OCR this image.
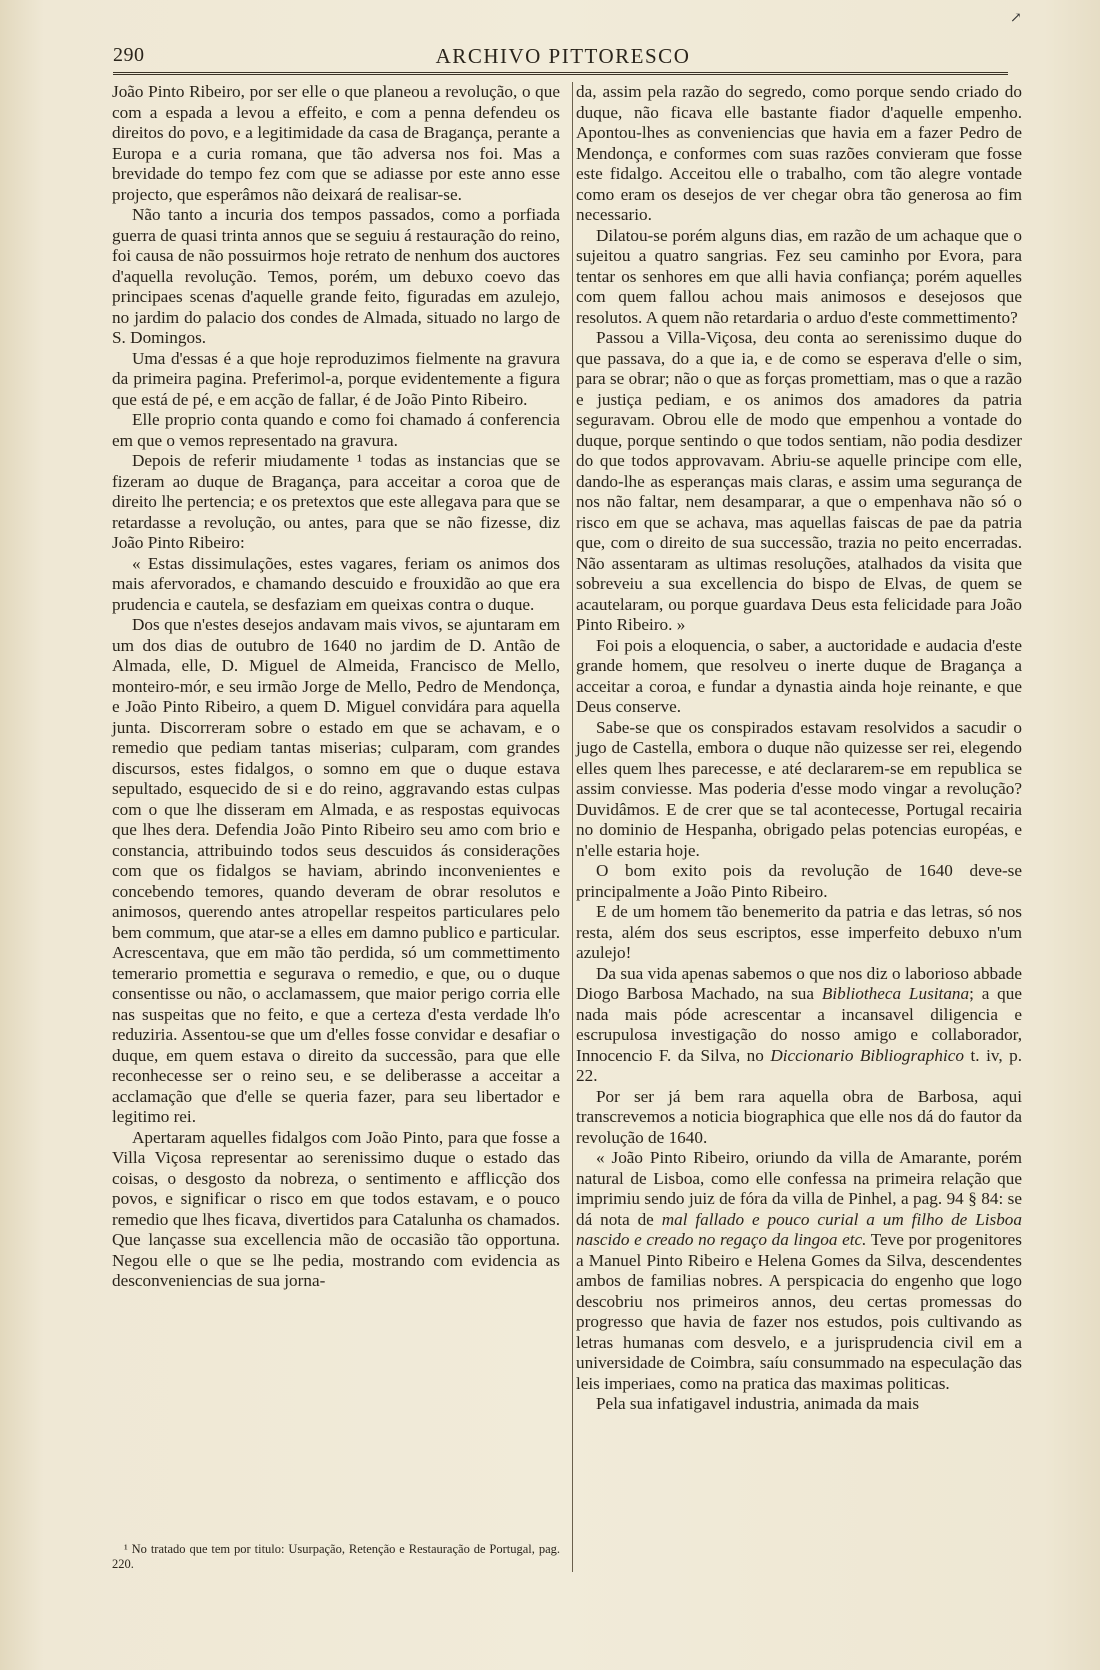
↗
290	ARCHIVO PITTORESCO

João Pinto Ribeiro, por ser elle o que planeou a revolução, o que com a espada a levou a effeito, e com a penna defendeu os direitos do povo, e a legitimidade da casa de Bragança, perante a Europa e a curia romana, que tão adversa nos foi. Mas a brevidade do tempo fez com que se adiasse por este anno esse projecto, que esperâmos não deixará de realisar-se.

Não tanto a incuria dos tempos passados, como a porfiada guerra de quasi trinta annos que se seguiu á restauração do reino, foi causa de não possuirmos hoje retrato de nenhum dos auctores d'aquella revolução. Temos, porém, um debuxo coevo das principaes scenas d'aquelle grande feito, figuradas em azulejo, no jardim do palacio dos condes de Almada, situado no largo de S. Domingos.

Uma d'essas é a que hoje reproduzimos fielmente na gravura da primeira pagina. Preferimol-a, porque evidentemente a figura que está de pé, e em acção de fallar, é de João Pinto Ribeiro.

Elle proprio conta quando e como foi chamado á conferencia em que o vemos representado na gravura.

Depois de referir miudamente ¹ todas as instancias que se fizeram ao duque de Bragança, para acceitar a coroa que de direito lhe pertencia; e os pretextos que este allegava para que se retardasse a revolução, ou antes, para que se não fizesse, diz João Pinto Ribeiro:

« Estas dissimulações, estes vagares, feriam os animos dos mais afervorados, e chamando descuido e frouxidão ao que era prudencia e cautela, se desfaziam em queixas contra o duque.

Dos que n'estes desejos andavam mais vivos, se ajuntaram em um dos dias de outubro de 1640 no jardim de D. Antão de Almada, elle, D. Miguel de Almeida, Francisco de Mello, monteiro-mór, e seu irmão Jorge de Mello, Pedro de Mendonça, e João Pinto Ribeiro, a quem D. Miguel convidára para aquella junta. Discorreram sobre o estado em que se achavam, e o remedio que pediam tantas miserias; culparam, com grandes discursos, estes fidalgos, o somno em que o duque estava sepultado, esquecido de si e do reino, aggravando estas culpas com o que lhe disseram em Almada, e as respostas equivocas que lhes dera. Defendia João Pinto Ribeiro seu amo com brio e constancia, attribuindo todos seus descuidos ás considerações com que os fidalgos se haviam, abrindo inconvenientes e concebendo temores, quando deveram de obrar resolutos e animosos, querendo antes atropellar respeitos particulares pelo bem commum, que atar-se a elles em damno publico e particular. Acrescentava, que em mão tão perdida, só um commettimento temerario promettia e segurava o remedio, e que, ou o duque consentisse ou não, o acclamassem, que maior perigo corria elle nas suspeitas que no feito, e que a certeza d'esta verdade lh'o reduziria. Assentou-se que um d'elles fosse convidar e desafiar o duque, em quem estava o direito da successão, para que elle reconhecesse ser o reino seu, e se deliberasse a acceitar a acclamação que d'elle se queria fazer, para seu libertador e legitimo rei.

Apertaram aquelles fidalgos com João Pinto, para que fosse a Villa Viçosa representar ao serenissimo duque o estado das coisas, o desgosto da nobreza, o sentimento e afflicção dos povos, e significar o risco em que todos estavam, e o pouco remedio que lhes ficava, divertidos para Catalunha os chamados. Que lançasse sua excellencia mão de occasião tão opportuna. Negou elle o que se lhe pedia, mostrando com evidencia as desconveniencias de sua jorna-

¹ No tratado que tem por titulo: Usurpação, Retenção e Restauração de Portugal, pag. 220.

da, assim pela razão do segredo, como porque sendo criado do duque, não ficava elle bastante fiador d'aquelle empenho. Apontou-lhes as conveniencias que havia em a fazer Pedro de Mendonça, e conformes com suas razões convieram que fosse este fidalgo. Acceitou elle o trabalho, com tão alegre vontade como eram os desejos de ver chegar obra tão generosa ao fim necessario.

Dilatou-se porém alguns dias, em razão de um achaque que o sujeitou a quatro sangrias. Fez seu caminho por Evora, para tentar os senhores em que alli havia confiança; porém aquelles com quem fallou achou mais animosos e desejosos que resolutos. A quem não retardaria o arduo d'este commettimento?

Passou a Villa-Viçosa, deu conta ao serenissimo duque do que passava, do a que ia, e de como se esperava d'elle o sim, para se obrar; não o que as forças promettiam, mas o que a razão e justiça pediam, e os animos dos amadores da patria seguravam. Obrou elle de modo que empenhou a vontade do duque, porque sentindo o que todos sentiam, não podia desdizer do que todos approvavam. Abriu-se aquelle principe com elle, dando-lhe as esperanças mais claras, e assim uma segurança de nos não faltar, nem desamparar, a que o empenhava não só o risco em que se achava, mas aquellas faiscas de pae da patria que, com o direito de sua successão, trazia no peito encerradas. Não assentaram as ultimas resoluções, atalhados da visita que sobreveiu a sua excellencia do bispo de Elvas, de quem se acautelaram, ou porque guardava Deus esta felicidade para João Pinto Ribeiro. »

Foi pois a eloquencia, o saber, a auctoridade e audacia d'este grande homem, que resolveu o inerte duque de Bragança a acceitar a coroa, e fundar a dynastia ainda hoje reinante, e que Deus conserve.

Sabe-se que os conspirados estavam resolvidos a sacudir o jugo de Castella, embora o duque não quizesse ser rei, elegendo elles quem lhes parecesse, e até declararem-se em republica se assim conviesse. Mas poderia d'esse modo vingar a revolução? Duvidâmos. E de crer que se tal acontecesse, Portugal recairia no dominio de Hespanha, obrigado pelas potencias européas, e n'elle estaria hoje.

O bom exito pois da revolução de 1640 deve-se principalmente a João Pinto Ribeiro.

E de um homem tão benemerito da patria e das letras, só nos resta, além dos seus escriptos, esse imperfeito debuxo n'um azulejo!

Da sua vida apenas sabemos o que nos diz o laborioso abbade Diogo Barbosa Machado, na sua Bibliotheca Lusitana; a que nada mais póde acrescentar a incansavel diligencia e escrupulosa investigação do nosso amigo e collaborador, Innocencio F. da Silva, no Diccionario Bibliographico t. iv, p. 22.

Por ser já bem rara aquella obra de Barbosa, aqui transcrevemos a noticia biographica que elle nos dá do fautor da revolução de 1640.

« João Pinto Ribeiro, oriundo da villa de Amarante, porém natural de Lisboa, como elle confessa na primeira relação que imprimiu sendo juiz de fóra da villa de Pinhel, a pag. 94 § 84: se dá nota de mal fallado e pouco curial a um filho de Lisboa nascido e creado no regaço da lingoa etc. Teve por progenitores a Manuel Pinto Ribeiro e Helena Gomes da Silva, descendentes ambos de familias nobres. A perspicacia do engenho que logo descobriu nos primeiros annos, deu certas promessas do progresso que havia de fazer nos estudos, pois cultivando as letras humanas com desvelo, e a jurisprudencia civil em a universidade de Coimbra, saíu consummado na especulação das leis imperiaes, como na pratica das maximas politicas.

Pela sua infatigavel industria, animada da mais
